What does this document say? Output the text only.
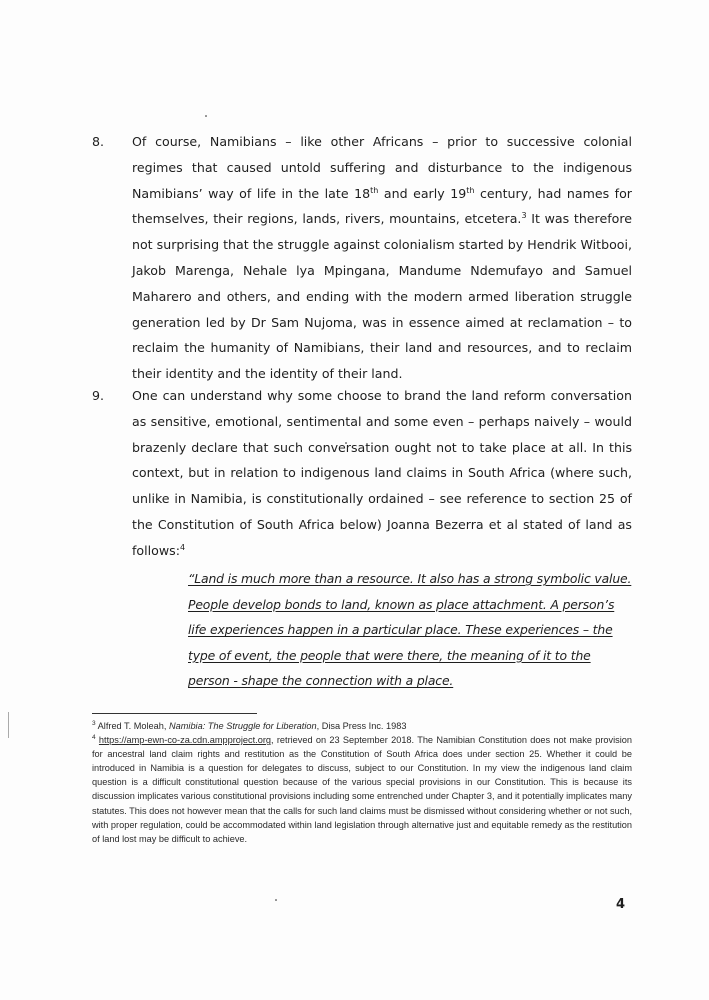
8. Of course, Namibians – like other Africans – prior to successive colonial regimes that caused untold suffering and disturbance to the indigenous Namibians’ way of life in the late 18th and early 19th century, had names for themselves, their regions, lands, rivers, mountains, etcetera.$^3$ It was therefore not surprising that the struggle against colonialism started by Hendrik Witbooi, Jakob Marenga, Nehale lya Mpingana, Mandume Ndemufayo and Samuel Maharero and others, and ending with the modern armed liberation struggle generation led by Dr Sam Nujoma, was in essence aimed at reclamation – to reclaim the humanity of Namibians, their land and resources, and to reclaim their identity and the identity of their land.
9. One can understand why some choose to brand the land reform conversation as sensitive, emotional, sentimental and some even – perhaps naively – would brazenly declare that such conversation ought not to take place at all. In this context, but in relation to indigenous land claims in South Africa (where such, unlike in Namibia, is constitutionally ordained – see reference to section 25 of the Constitution of South Africa below) Joanna Bezerra et al stated of land as follows:$^4$
“Land is much more than a resource. It also has a strong symbolic value. People develop bonds to land, known as place attachment. A person’s life experiences happen in a particular place. These experiences – the type of event, the people that were there, the meaning of it to the person - shape the connection with a place.

$^3$ Alfred T. Moleah, Namibia: The Struggle for Liberation, Disa Press Inc. 1983

$^4$ https://amp-ewn-co-za.cdn.ampproject.org, retrieved on 23 September 2018. The Namibian Constitution does not make provision for ancestral land claim rights and restitution as the Constitution of South Africa does under section 25. Whether it could be introduced in Namibia is a question for delegates to discuss, subject to our Constitution. In my view the indigenous land claim question is a difficult constitutional question because of the various special provisions in our Constitution. This is because its discussion implicates various constitutional provisions including some entrenched under Chapter 3, and it potentially implicates many statutes. This does not however mean that the calls for such land claims must be dismissed without considering whether or not such, with proper regulation, could be accommodated within land legislation through alternative just and equitable remedy as the restitution of land lost may be difficult to achieve.

4
